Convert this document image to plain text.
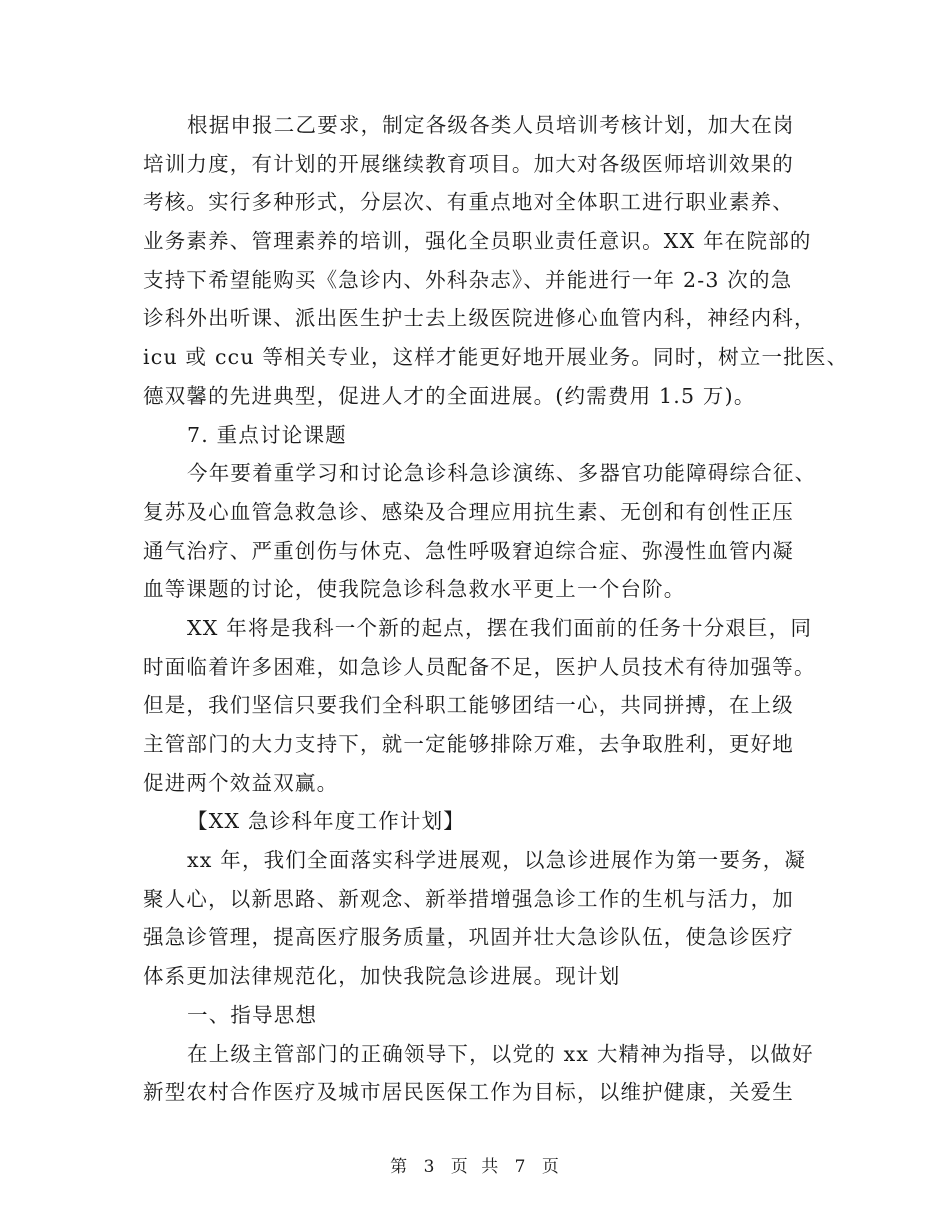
根据申报二乙要求，制定各级各类人员培训考核计划，加大在岗
培训力度，有计划的开展继续教育项目。加大对各级医师培训效果的
考核。实行多种形式，分层次、有重点地对全体职工进行职业素养、
业务素养、管理素养的培训，强化全员职业责任意识。XX 年在院部的
支持下希望能购买《急诊内、外科杂志》、并能进行一年 2-3 次的急
诊科外出听课、派出医生护士去上级医院进修心血管内科，神经内科，
icu 或 ccu 等相关专业，这样才能更好地开展业务。同时，树立一批医、
德双馨的先进典型，促进人才的全面进展。(约需费用 1.5 万)。
7. 重点讨论课题
今年要着重学习和讨论急诊科急诊演练、多器官功能障碍综合征、
复苏及心血管急救急诊、感染及合理应用抗生素、无创和有创性正压
通气治疗、严重创伤与休克、急性呼吸窘迫综合症、弥漫性血管内凝
血等课题的讨论，使我院急诊科急救水平更上一个台阶。
XX 年将是我科一个新的起点，摆在我们面前的任务十分艰巨，同
时面临着许多困难，如急诊人员配备不足，医护人员技术有待加强等。
但是，我们坚信只要我们全科职工能够团结一心，共同拼搏，在上级
主管部门的大力支持下，就一定能够排除万难，去争取胜利，更好地
促进两个效益双赢。
【XX 急诊科年度工作计划】
xx 年，我们全面落实科学进展观，以急诊进展作为第一要务，凝
聚人心，以新思路、新观念、新举措增强急诊工作的生机与活力，加
强急诊管理，提高医疗服务质量，巩固并壮大急诊队伍，使急诊医疗
体系更加法律规范化，加快我院急诊进展。现计划
一、指导思想
在上级主管部门的正确领导下，以党的 xx 大精神为指导，以做好
新型农村合作医疗及城市居民医保工作为目标，以维护健康，关爱生
第 3 页 共 7 页
